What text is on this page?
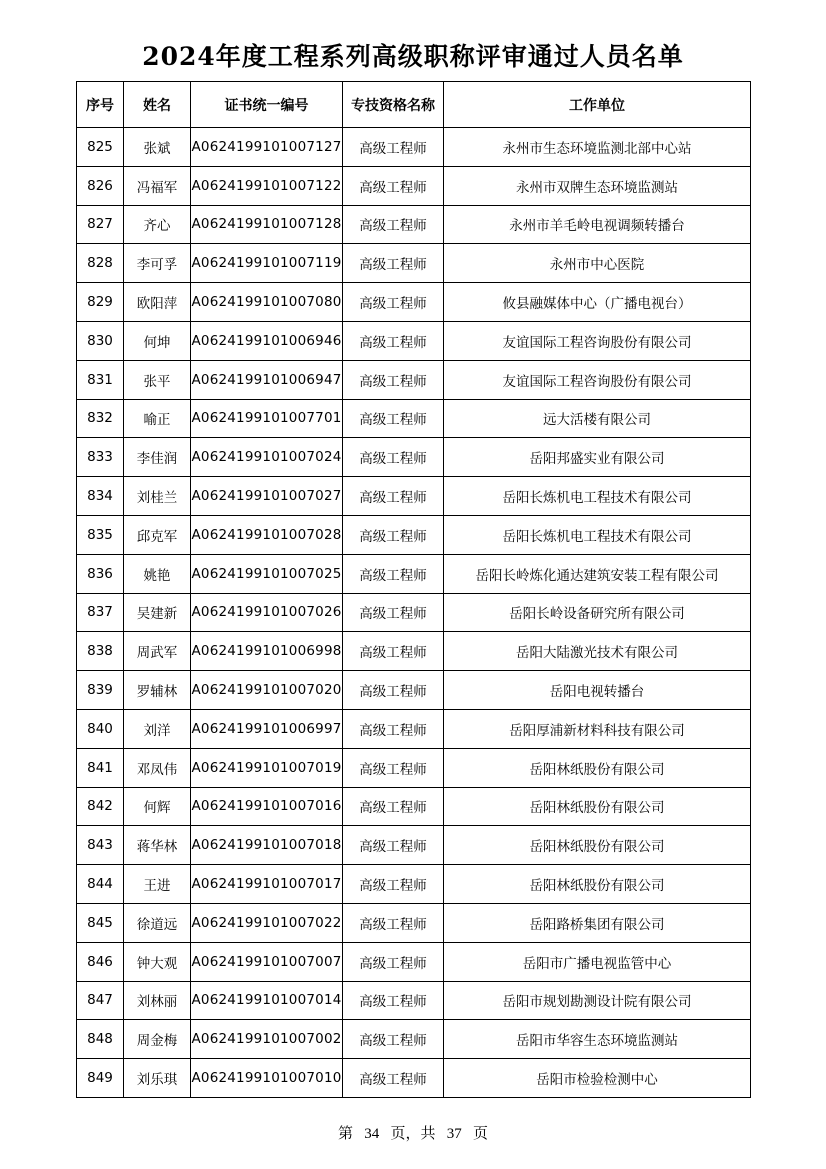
2024年度工程系列高级职称评审通过人员名单
序号	姓名	证书统一编号	专技资格名称	工作单位
825	张斌	A0624199101007127	高级工程师	永州市生态环境监测北部中心站
826	冯福军	A0624199101007122	高级工程师	永州市双牌生态环境监测站
827	齐心	A0624199101007128	高级工程师	永州市羊毛岭电视调频转播台
828	李可孚	A0624199101007119	高级工程师	永州市中心医院
829	欧阳萍	A0624199101007080	高级工程师	攸县融媒体中心（广播电视台）
830	何坤	A0624199101006946	高级工程师	友谊国际工程咨询股份有限公司
831	张平	A0624199101006947	高级工程师	友谊国际工程咨询股份有限公司
832	喻正	A0624199101007701	高级工程师	远大活楼有限公司
833	李佳润	A0624199101007024	高级工程师	岳阳邦盛实业有限公司
834	刘桂兰	A0624199101007027	高级工程师	岳阳长炼机电工程技术有限公司
835	邱克军	A0624199101007028	高级工程师	岳阳长炼机电工程技术有限公司
836	姚艳	A0624199101007025	高级工程师	岳阳长岭炼化通达建筑安装工程有限公司
837	吴建新	A0624199101007026	高级工程师	岳阳长岭设备研究所有限公司
838	周武军	A0624199101006998	高级工程师	岳阳大陆激光技术有限公司
839	罗辅林	A0624199101007020	高级工程师	岳阳电视转播台
840	刘洋	A0624199101006997	高级工程师	岳阳厚浦新材料科技有限公司
841	邓凤伟	A0624199101007019	高级工程师	岳阳林纸股份有限公司
842	何辉	A0624199101007016	高级工程师	岳阳林纸股份有限公司
843	蒋华林	A0624199101007018	高级工程师	岳阳林纸股份有限公司
844	王进	A0624199101007017	高级工程师	岳阳林纸股份有限公司
845	徐道远	A0624199101007022	高级工程师	岳阳路桥集团有限公司
846	钟大观	A0624199101007007	高级工程师	岳阳市广播电视监管中心
847	刘林丽	A0624199101007014	高级工程师	岳阳市规划勘测设计院有限公司
848	周金梅	A0624199101007002	高级工程师	岳阳市华容生态环境监测站
849	刘乐琪	A0624199101007010	高级工程师	岳阳市检验检测中心
第 34 页，共 37 页
